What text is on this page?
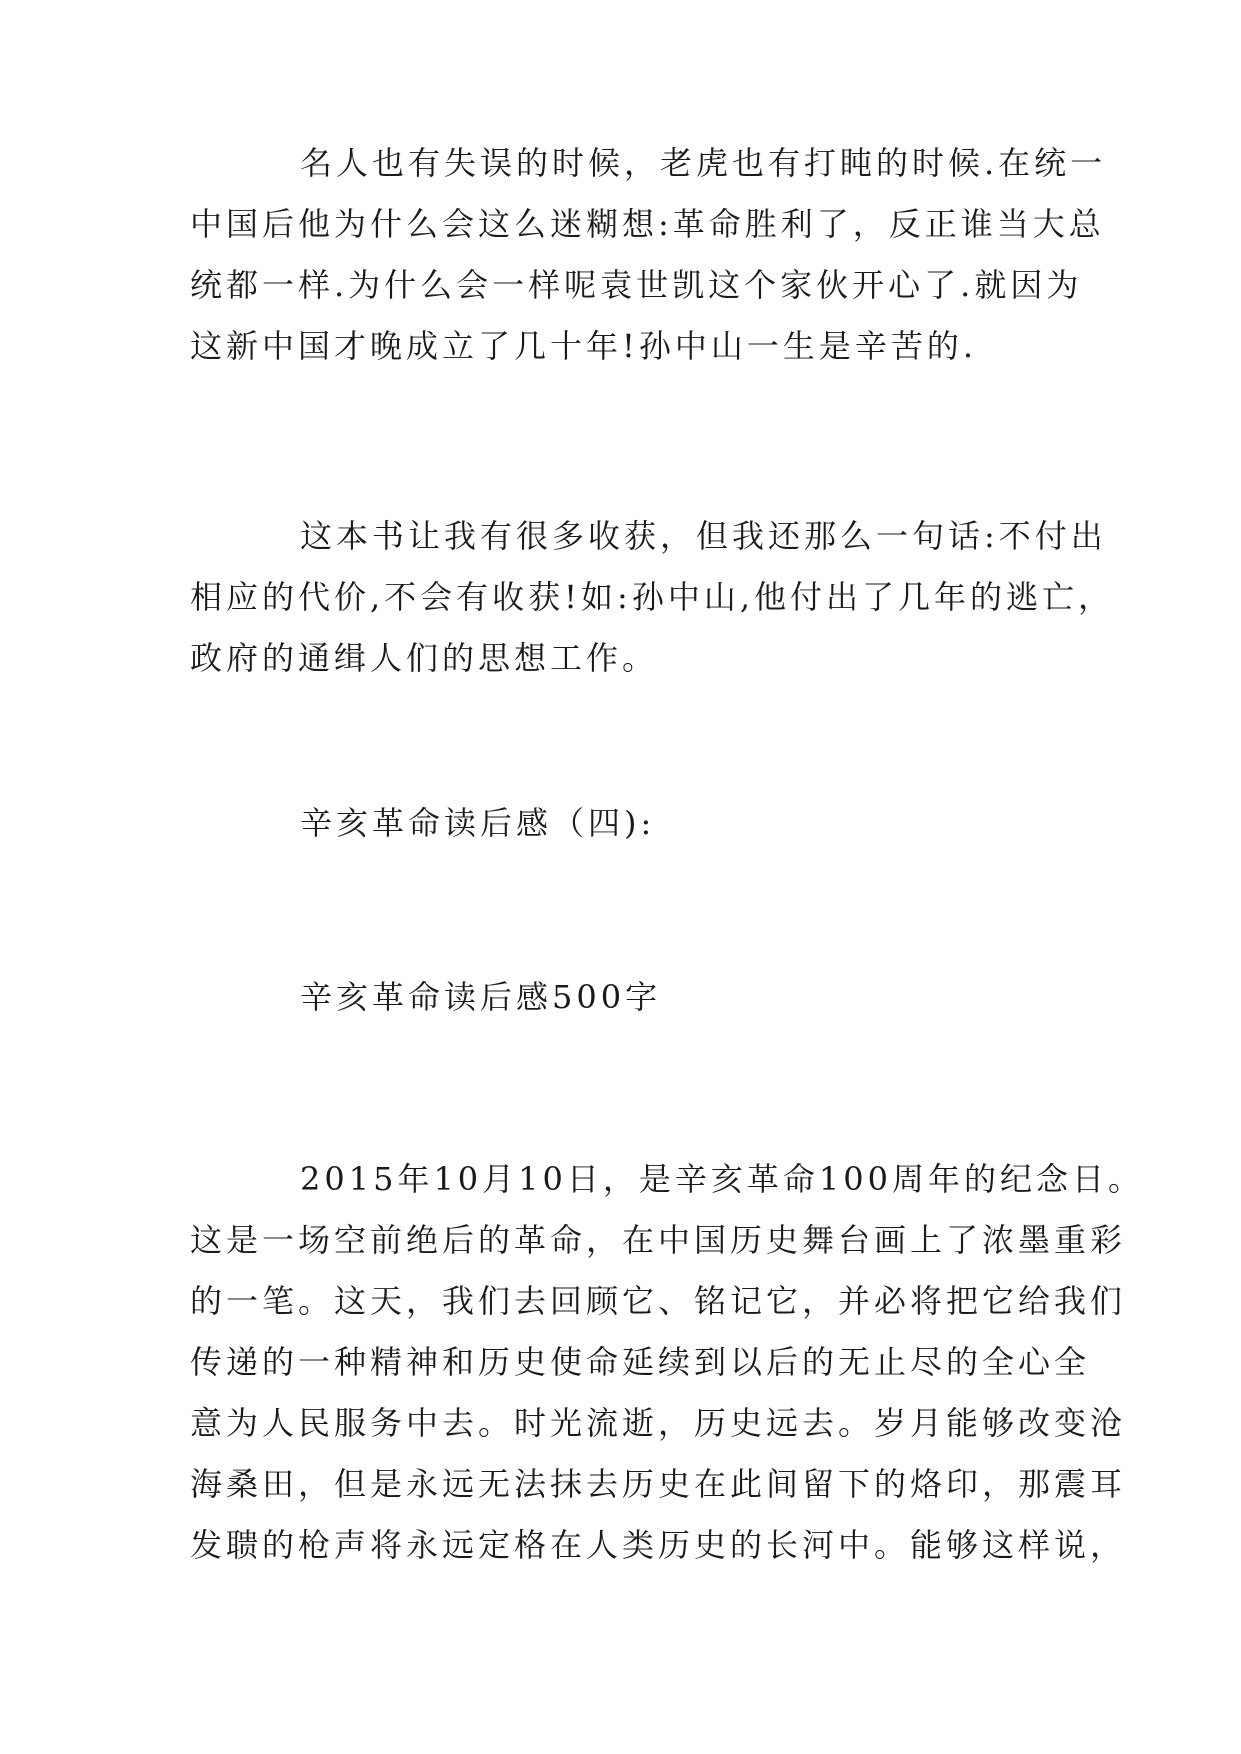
名人也有失误的时候，老虎也有打盹的时候.在统一
中国后他为什么会这么迷糊想:革命胜利了，反正谁当大总
统都一样.为什么会一样呢袁世凯这个家伙开心了.就因为
这新中国才晚成立了几十年!孙中山一生是辛苦的.
这本书让我有很多收获，但我还那么一句话:不付出
相应的代价,不会有收获!如:孙中山,他付出了几年的逃亡，
政府的通缉人们的思想工作。
辛亥革命读后感（四):
辛亥革命读后感500字
2015年10月10日，是辛亥革命100周年的纪念日。
这是一场空前绝后的革命，在中国历史舞台画上了浓墨重彩
的一笔。这天，我们去回顾它、铭记它，并必将把它给我们
传递的一种精神和历史使命延续到以后的无止尽的全心全
意为人民服务中去。时光流逝，历史远去。岁月能够改变沧
海桑田，但是永远无法抹去历史在此间留下的烙印，那震耳
发聩的枪声将永远定格在人类历史的长河中。能够这样说，
